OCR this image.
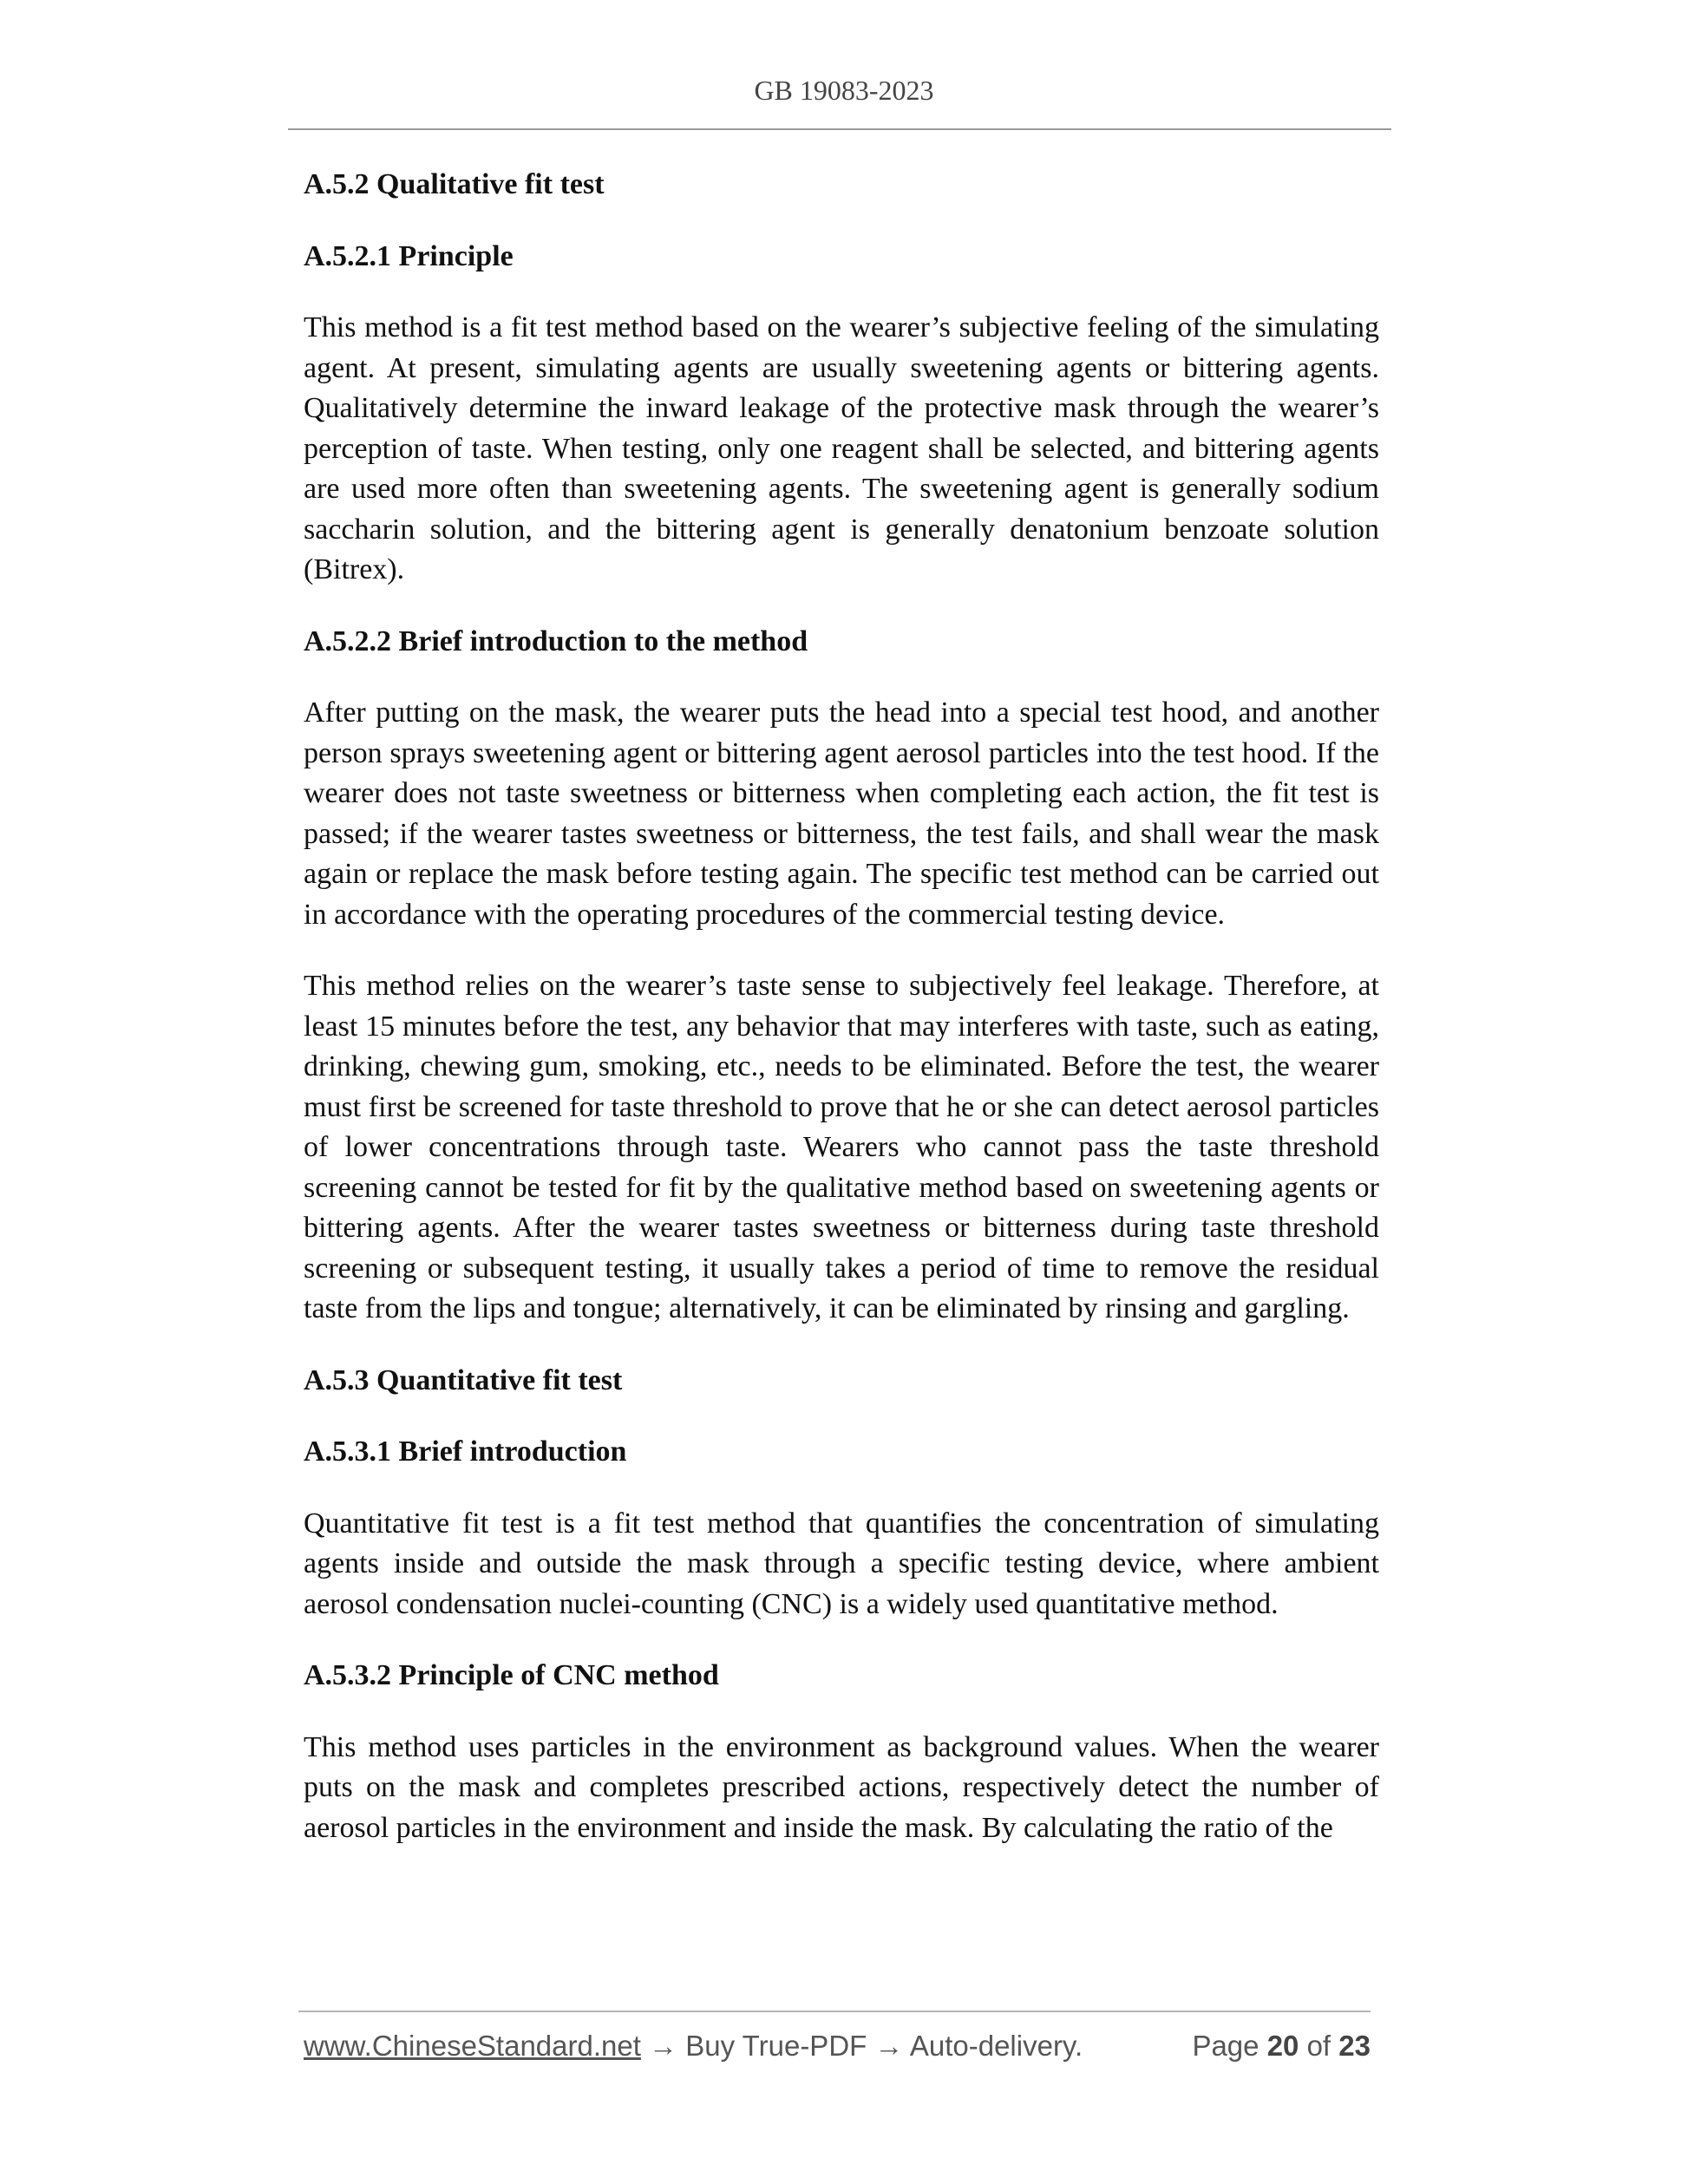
GB 19083-2023
A.5.2 Qualitative fit test
A.5.2.1 Principle

This method is a fit test method based on the wearer’s subjective feeling of the simulating agent. At present, simulating agents are usually sweetening agents or bittering agents. Qualitatively determine the inward leakage of the protective mask through the wearer’s perception of taste. When testing, only one reagent shall be selected, and bittering agents are used more often than sweetening agents. The sweetening agent is generally sodium saccharin solution, and the bittering agent is generally denatonium benzoate solution (Bitrex).

A.5.2.2 Brief introduction to the method

After putting on the mask, the wearer puts the head into a special test hood, and another person sprays sweetening agent or bittering agent aerosol particles into the test hood. If the wearer does not taste sweetness or bitterness when completing each action, the fit test is passed; if the wearer tastes sweetness or bitterness, the test fails, and shall wear the mask again or replace the mask before testing again. The specific test method can be carried out in accordance with the operating procedures of the commercial testing device.

This method relies on the wearer’s taste sense to subjectively feel leakage. Therefore, at least 15 minutes before the test, any behavior that may interferes with taste, such as eating, drinking, chewing gum, smoking, etc., needs to be eliminated. Before the test, the wearer must first be screened for taste threshold to prove that he or she can detect aerosol particles of lower concentrations through taste. Wearers who cannot pass the taste threshold screening cannot be tested for fit by the qualitative method based on sweetening agents or bittering agents. After the wearer tastes sweetness or bitterness during taste threshold screening or subsequent testing, it usually takes a period of time to remove the residual taste from the lips and tongue; alternatively, it can be eliminated by rinsing and gargling.

A.5.3 Quantitative fit test
A.5.3.1 Brief introduction

Quantitative fit test is a fit test method that quantifies the concentration of simulating agents inside and outside the mask through a specific testing device, where ambient aerosol condensation nuclei-counting (CNC) is a widely used quantitative method.

A.5.3.2 Principle of CNC method

This method uses particles in the environment as background values. When the wearer puts on the mask and completes prescribed actions, respectively detect the number of aerosol particles in the environment and inside the mask. By calculating the ratio of the

www.ChineseStandard.net → Buy True-PDF → Auto-delivery.	Page 20 of 23
